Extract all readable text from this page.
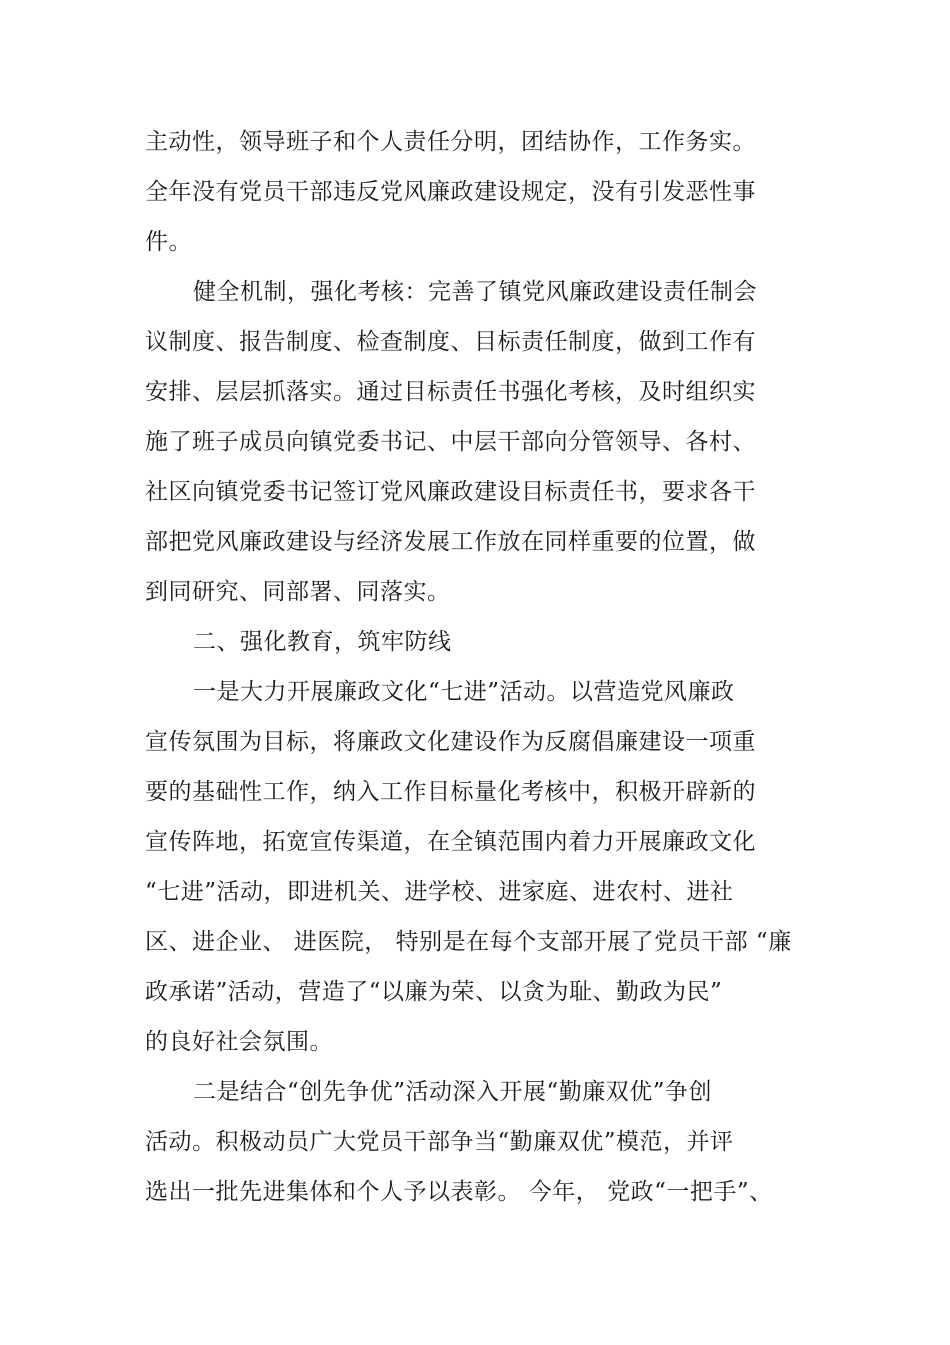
主动性，领导班子和个人责任分明，团结协作，工作务实。
全年没有党员干部违反党风廉政建设规定，没有引发恶性事
件。
健全机制，强化考核：完善了镇党风廉政建设责任制会
议制度、报告制度、检查制度、目标责任制度，做到工作有
安排、层层抓落实。通过目标责任书强化考核，及时组织实
施了班子成员向镇党委书记、中层干部向分管领导、各村、
社区向镇党委书记签订党风廉政建设目标责任书，要求各干
部把党风廉政建设与经济发展工作放在同样重要的位置，做
到同研究、同部署、同落实。
二、强化教育，筑牢防线
一是大力开展廉政文化“七进”活动。以营造党风廉政
宣传氛围为目标，将廉政文化建设作为反腐倡廉建设一项重
要的基础性工作，纳入工作目标量化考核中，积极开辟新的
宣传阵地，拓宽宣传渠道，在全镇范围内着力开展廉政文化
“七进”活动，即进机关、进学校、进家庭、进农村、进社
区、进企业、 进医院， 特别是在每个支部开展了党员干部 “廉
政承诺”活动，营造了“以廉为荣、以贪为耻、勤政为民”
的良好社会氛围。
二是结合“创先争优”活动深入开展“勤廉双优”争创
活动。积极动员广大党员干部争当“勤廉双优”模范，并评
选出一批先进集体和个人予以表彰。 今年， 党政“一把手”、
